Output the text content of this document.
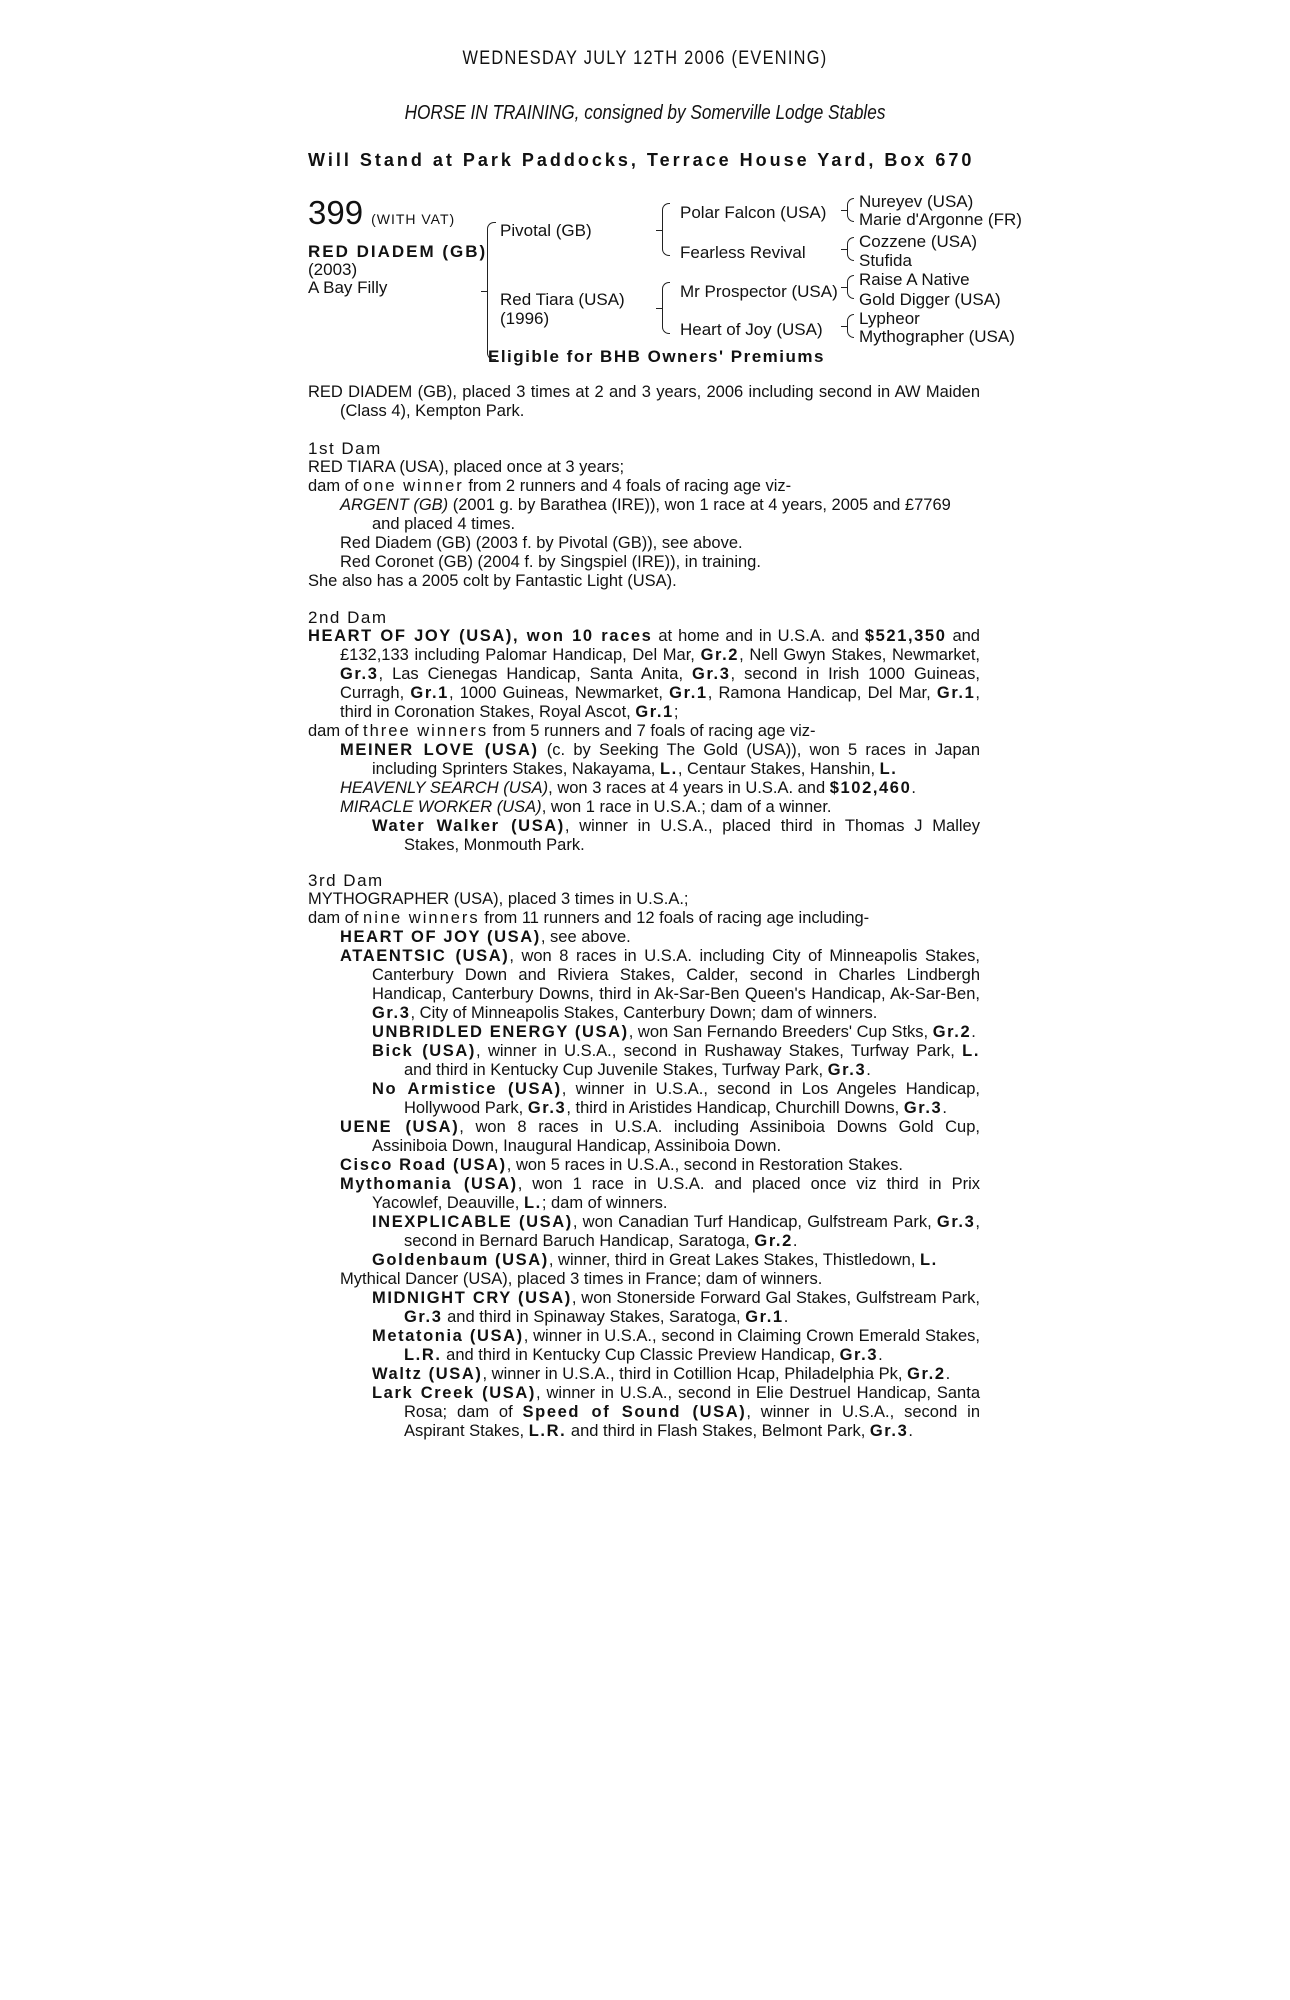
WEDNESDAY JULY 12TH 2006 (EVENING)
HORSE IN TRAINING, consigned by Somerville Lodge Stables
Will Stand at Park Paddocks, Terrace House Yard, Box 670
399 (WITH VAT)
RED DIADEM (GB)
(2003)
A Bay Filly
Pivotal (GB)
Red Tiara (USA)
(1996)
Polar Falcon (USA)
Fearless Revival
Mr Prospector (USA)
Heart of Joy (USA)
Nureyev (USA)
Marie d'Argonne (FR)
Cozzene (USA)
Stufida
Raise A Native
Gold Digger (USA)
Lypheor
Mythographer (USA)
Eligible for BHB Owners' Premiums

RED DIADEM (GB), placed 3 times at 2 and 3 years, 2006 including second in AW Maiden (Class 4), Kempton Park.

1st Dam

RED TIARA (USA), placed once at 3 years;

dam of one winner from 2 runners and 4 foals of racing age viz-

ARGENT (GB) (2001 g. by Barathea (IRE)), won 1 race at 4 years, 2005 and £7769 and placed 4 times.

Red Diadem (GB) (2003 f. by Pivotal (GB)), see above.

Red Coronet (GB) (2004 f. by Singspiel (IRE)), in training.

She also has a 2005 colt by Fantastic Light (USA).

2nd Dam

HEART OF JOY (USA), won 10 races at home and in U.S.A. and $521,350 and £132,133 including Palomar Handicap, Del Mar, Gr.2, Nell Gwyn Stakes, Newmarket, Gr.3, Las Cienegas Handicap, Santa Anita, Gr.3, second in Irish 1000 Guineas, Curragh, Gr.1, 1000 Guineas, Newmarket, Gr.1, Ramona Handicap, Del Mar, Gr.1, third in Coronation Stakes, Royal Ascot, Gr.1;

dam of three winners from 5 runners and 7 foals of racing age viz-

MEINER LOVE (USA) (c. by Seeking The Gold (USA)), won 5 races in Japan including Sprinters Stakes, Nakayama, L., Centaur Stakes, Hanshin, L.

HEAVENLY SEARCH (USA), won 3 races at 4 years in U.S.A. and $102,460.

MIRACLE WORKER (USA), won 1 race in U.S.A.; dam of a winner.

Water Walker (USA), winner in U.S.A., placed third in Thomas J Malley Stakes, Monmouth Park.

3rd Dam

MYTHOGRAPHER (USA), placed 3 times in U.S.A.;

dam of nine winners from 11 runners and 12 foals of racing age including-

HEART OF JOY (USA), see above.

ATAENTSIC (USA), won 8 races in U.S.A. including City of Minneapolis Stakes, Canterbury Down and Riviera Stakes, Calder, second in Charles Lindbergh Handicap, Canterbury Downs, third in Ak-Sar-Ben Queen's Handicap, Ak-Sar-Ben, Gr.3, City of Minneapolis Stakes, Canterbury Down; dam of winners.

UNBRIDLED ENERGY (USA), won San Fernando Breeders' Cup Stks, Gr.2.

Bick (USA), winner in U.S.A., second in Rushaway Stakes, Turfway Park, L. and third in Kentucky Cup Juvenile Stakes, Turfway Park, Gr.3.

No Armistice (USA), winner in U.S.A., second in Los Angeles Handicap, Hollywood Park, Gr.3, third in Aristides Handicap, Churchill Downs, Gr.3.

UENE (USA), won 8 races in U.S.A. including Assiniboia Downs Gold Cup, Assiniboia Down, Inaugural Handicap, Assiniboia Down.

Cisco Road (USA), won 5 races in U.S.A., second in Restoration Stakes.

Mythomania (USA), won 1 race in U.S.A. and placed once viz third in Prix Yacowlef, Deauville, L.; dam of winners.

INEXPLICABLE (USA), won Canadian Turf Handicap, Gulfstream Park, Gr.3, second in Bernard Baruch Handicap, Saratoga, Gr.2.

Goldenbaum (USA), winner, third in Great Lakes Stakes, Thistledown, L.

Mythical Dancer (USA), placed 3 times in France; dam of winners.

MIDNIGHT CRY (USA), won Stonerside Forward Gal Stakes, Gulfstream Park, Gr.3 and third in Spinaway Stakes, Saratoga, Gr.1.

Metatonia (USA), winner in U.S.A., second in Claiming Crown Emerald Stakes, L.R. and third in Kentucky Cup Classic Preview Handicap, Gr.3.

Waltz (USA), winner in U.S.A., third in Cotillion Hcap, Philadelphia Pk, Gr.2.

Lark Creek (USA), winner in U.S.A., second in Elie Destruel Handicap, Santa Rosa; dam of Speed of Sound (USA), winner in U.S.A., second in Aspirant Stakes, L.R. and third in Flash Stakes, Belmont Park, Gr.3.
